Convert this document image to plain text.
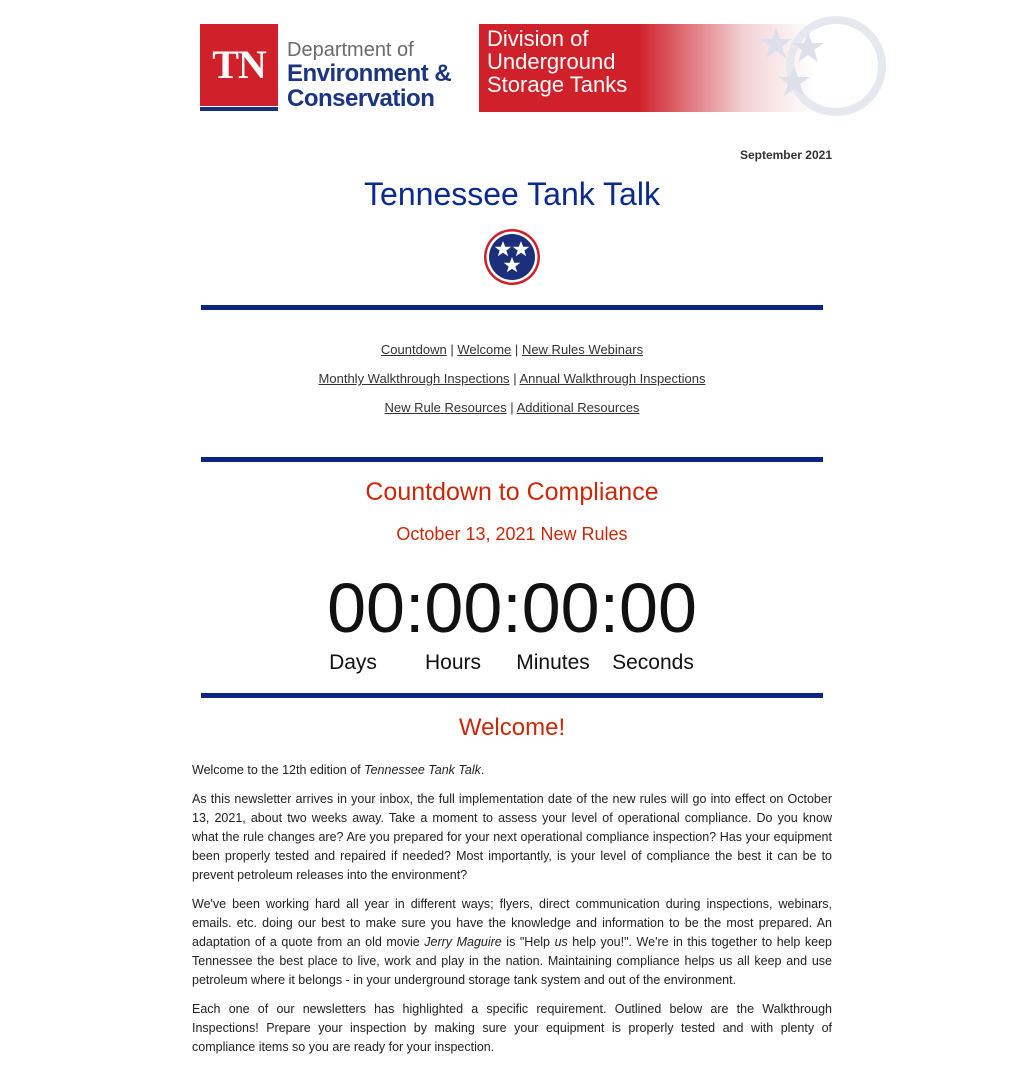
TN	Department of
Environment &
Conservation
Division of
Underground
Storage Tanks
September 2021
Tennessee Tank Talk
Countdown | Welcome | New Rules Webinars
Monthly Walkthrough Inspections | Annual Walkthrough Inspections
New Rule Resources | Additional Resources
Countdown to Compliance
October 13, 2021 New Rules
00:00:00:00
Days	Hours	Minutes	Seconds
Welcome!

Welcome to the 12th edition of Tennessee Tank Talk.

As this newsletter arrives in your inbox, the full implementation date of the new rules will go into effect on October 13, 2021, about two weeks away. Take a moment to assess your level of operational compliance. Do you know what the rule changes are? Are you prepared for your next operational compliance inspection? Has your equipment been properly tested and repaired if needed? Most importantly, is your level of compliance the best it can be to prevent petroleum releases into the environment?

We've been working hard all year in different ways; flyers, direct communication during inspections, webinars, emails. etc. doing our best to make sure you have the knowledge and information to be the most prepared. An adaptation of a quote from an old movie Jerry Maguire is "Help us help you!". We're in this together to help keep Tennessee the best place to live, work and play in the nation. Maintaining compliance helps us all keep and use petroleum where it belongs - in your underground storage tank system and out of the environment.

Each one of our newsletters has highlighted a specific requirement. Outlined below are the Walkthrough Inspections! Prepare your inspection by making sure your equipment is properly tested and with plenty of compliance items so you are ready for your inspection.
